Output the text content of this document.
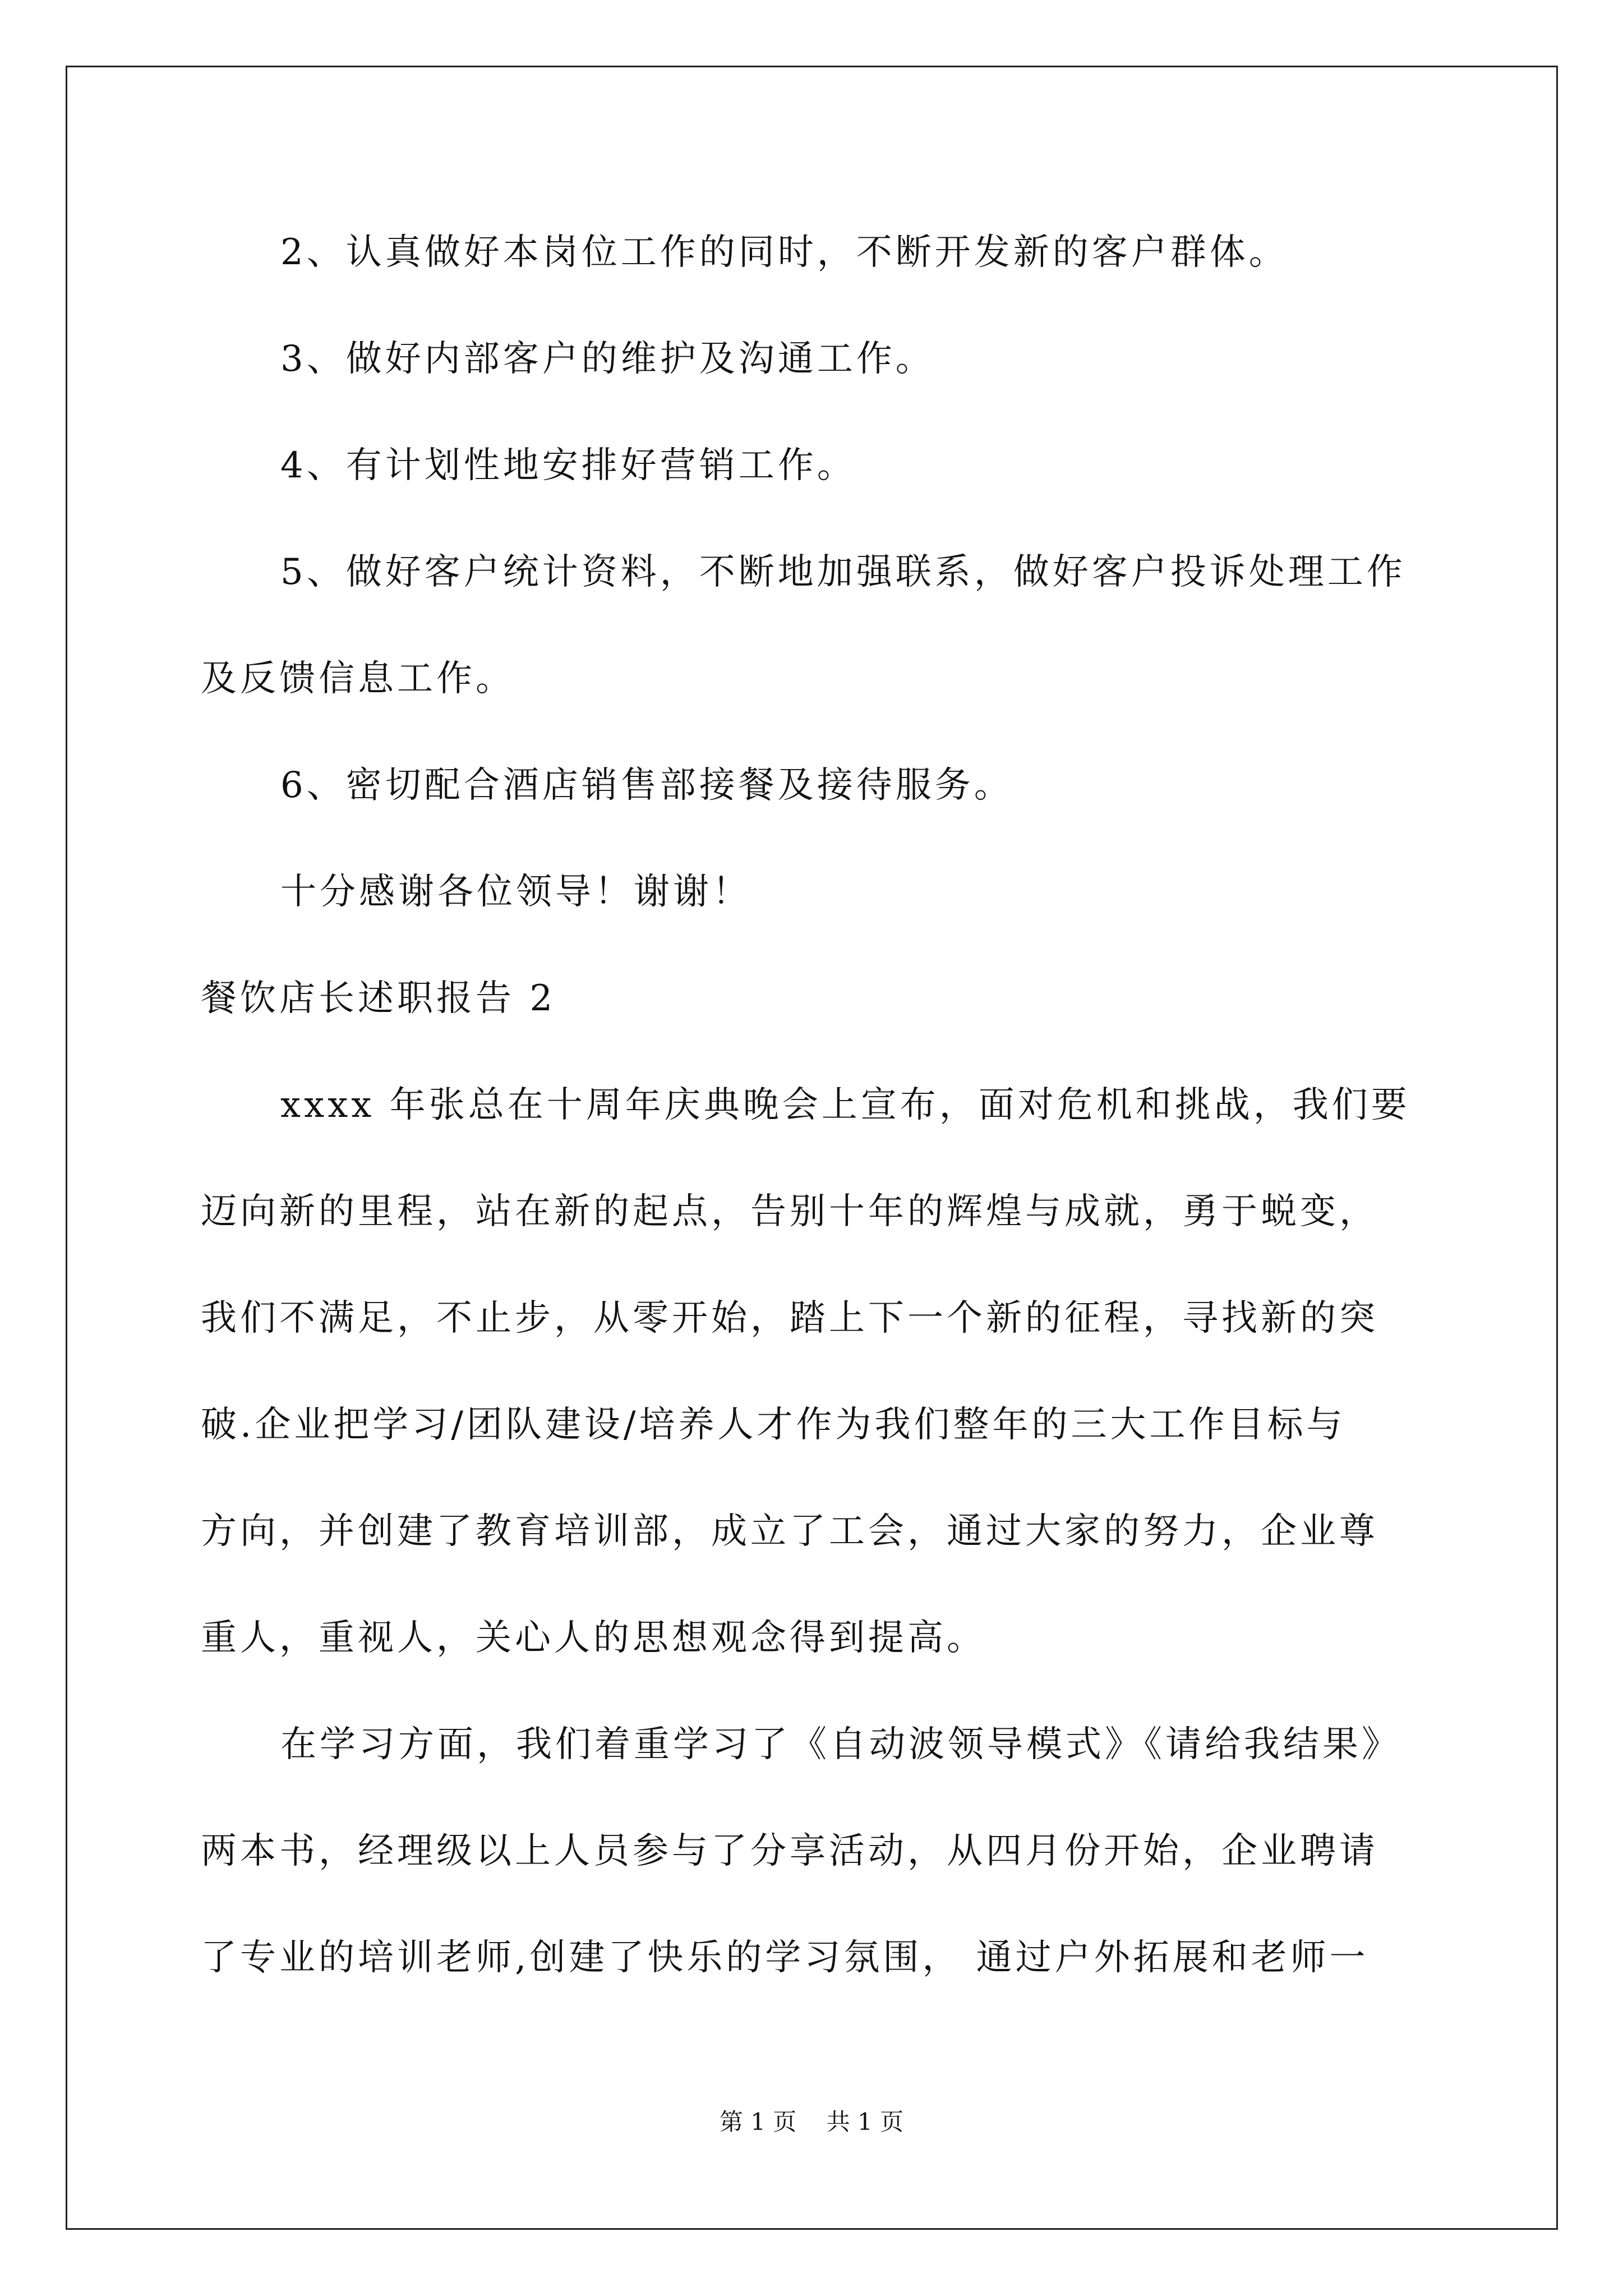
2、认真做好本岗位工作的同时，不断开发新的客户群体。
3、做好内部客户的维护及沟通工作。
4、有计划性地安排好营销工作。
5、做好客户统计资料，不断地加强联系，做好客户投诉处理工作
及反馈信息工作。
6、密切配合酒店销售部接餐及接待服务。
十分感谢各位领导！谢谢！
餐饮店长述职报告 2
xxxx 年张总在十周年庆典晚会上宣布，面对危机和挑战，我们要
迈向新的里程，站在新的起点，告别十年的辉煌与成就，勇于蜕变，
我们不满足，不止步，从零开始，踏上下一个新的征程，寻找新的突
破.企业把学习/团队建设/培养人才作为我们整年的三大工作目标与
方向，并创建了教育培训部，成立了工会，通过大家的努力，企业尊
重人，重视人，关心人的思想观念得到提高。
在学习方面，我们着重学习了《自动波领导模式》《请给我结果》
两本书，经理级以上人员参与了分享活动，从四月份开始，企业聘请
了专业的培训老师,创建了快乐的学习氛围， 通过户外拓展和老师一
第 1 页    共 1 页
